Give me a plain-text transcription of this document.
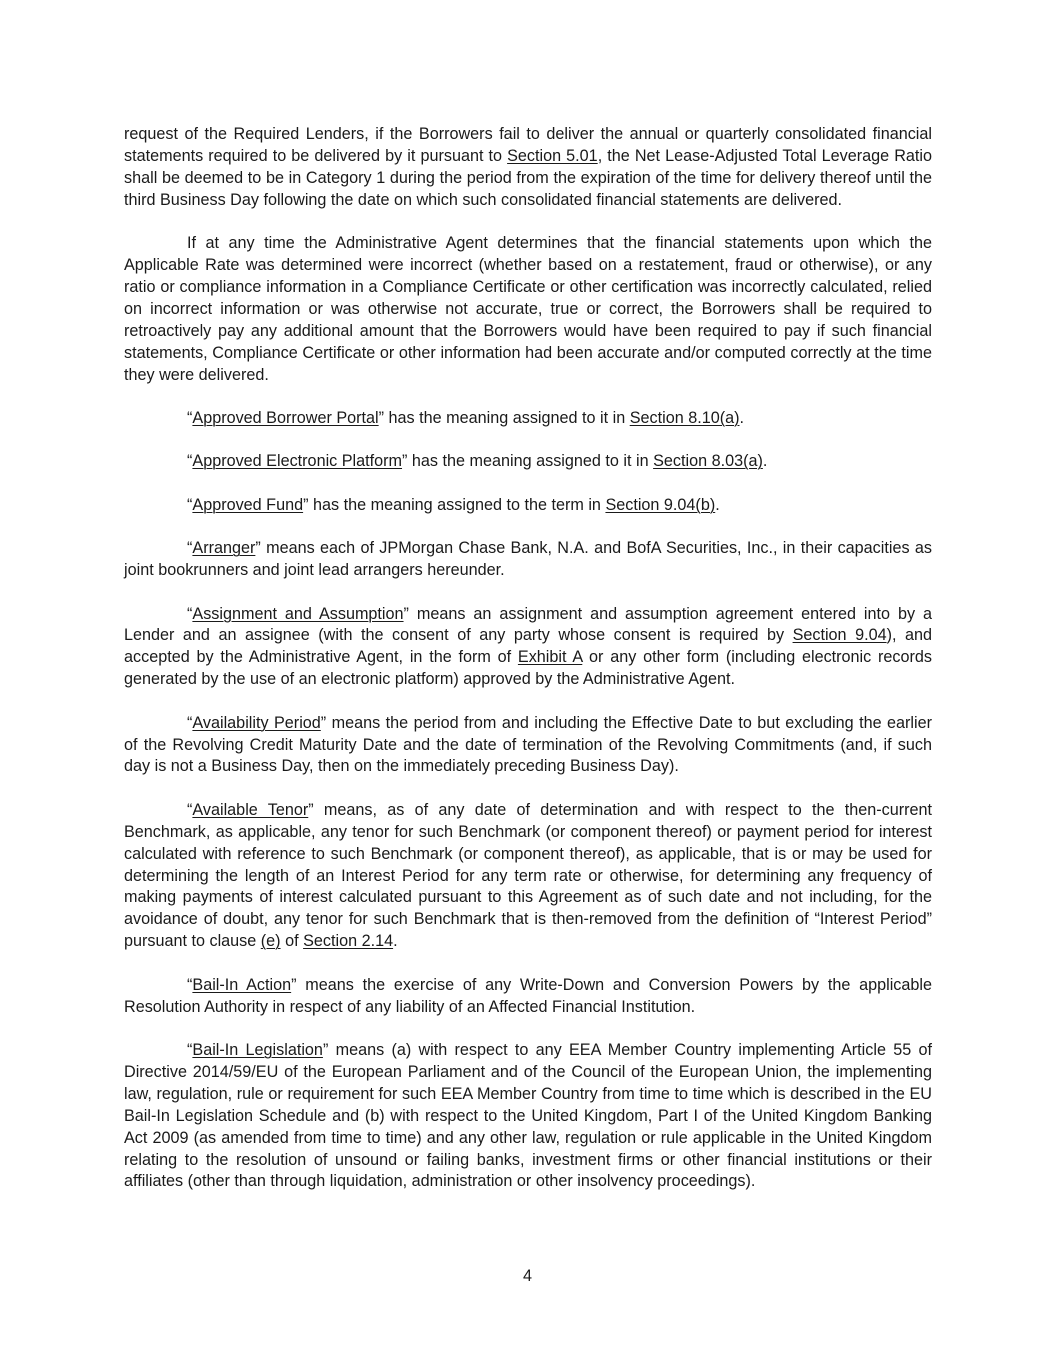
request of the Required Lenders, if the Borrowers fail to deliver the annual or quarterly consolidated financial statements required to be delivered by it pursuant to Section 5.01, the Net Lease-Adjusted Total Leverage Ratio shall be deemed to be in Category 1 during the period from the expiration of the time for delivery thereof until the third Business Day following the date on which such consolidated financial statements are delivered.

If at any time the Administrative Agent determines that the financial statements upon which the Applicable Rate was determined were incorrect (whether based on a restatement, fraud or otherwise), or any ratio or compliance information in a Compliance Certificate or other certification was incorrectly calculated, relied on incorrect information or was otherwise not accurate, true or correct, the Borrowers shall be required to retroactively pay any additional amount that the Borrowers would have been required to pay if such financial statements, Compliance Certificate or other information had been accurate and/or computed correctly at the time they were delivered.

“Approved Borrower Portal” has the meaning assigned to it in Section 8.10(a).

“Approved Electronic Platform” has the meaning assigned to it in Section 8.03(a).

“Approved Fund” has the meaning assigned to the term in Section 9.04(b).

“Arranger” means each of JPMorgan Chase Bank, N.A. and BofA Securities, Inc., in their capacities as joint bookrunners and joint lead arrangers hereunder.

“Assignment and Assumption” means an assignment and assumption agreement entered into by a Lender and an assignee (with the consent of any party whose consent is required by Section 9.04), and accepted by the Administrative Agent, in the form of Exhibit A or any other form (including electronic records generated by the use of an electronic platform) approved by the Administrative Agent.

“Availability Period” means the period from and including the Effective Date to but excluding the earlier of the Revolving Credit Maturity Date and the date of termination of the Revolving Commitments (and, if such day is not a Business Day, then on the immediately preceding Business Day).

“Available Tenor” means, as of any date of determination and with respect to the then-current Benchmark, as applicable, any tenor for such Benchmark (or component thereof) or payment period for interest calculated with reference to such Benchmark (or component thereof), as applicable, that is or may be used for determining the length of an Interest Period for any term rate or otherwise, for determining any frequency of making payments of interest calculated pursuant to this Agreement as of such date and not including, for the avoidance of doubt, any tenor for such Benchmark that is then-removed from the definition of “Interest Period” pursuant to clause (e) of Section 2.14.

“Bail-In Action” means the exercise of any Write-Down and Conversion Powers by the applicable Resolution Authority in respect of any liability of an Affected Financial Institution.

“Bail-In Legislation” means (a) with respect to any EEA Member Country implementing Article 55 of Directive 2014/59/EU of the European Parliament and of the Council of the European Union, the implementing law, regulation, rule or requirement for such EEA Member Country from time to time which is described in the EU Bail-In Legislation Schedule and (b) with respect to the United Kingdom, Part I of the United Kingdom Banking Act 2009 (as amended from time to time) and any other law, regulation or rule applicable in the United Kingdom relating to the resolution of unsound or failing banks, investment firms or other financial institutions or their affiliates (other than through liquidation, administration or other insolvency proceedings).

4
